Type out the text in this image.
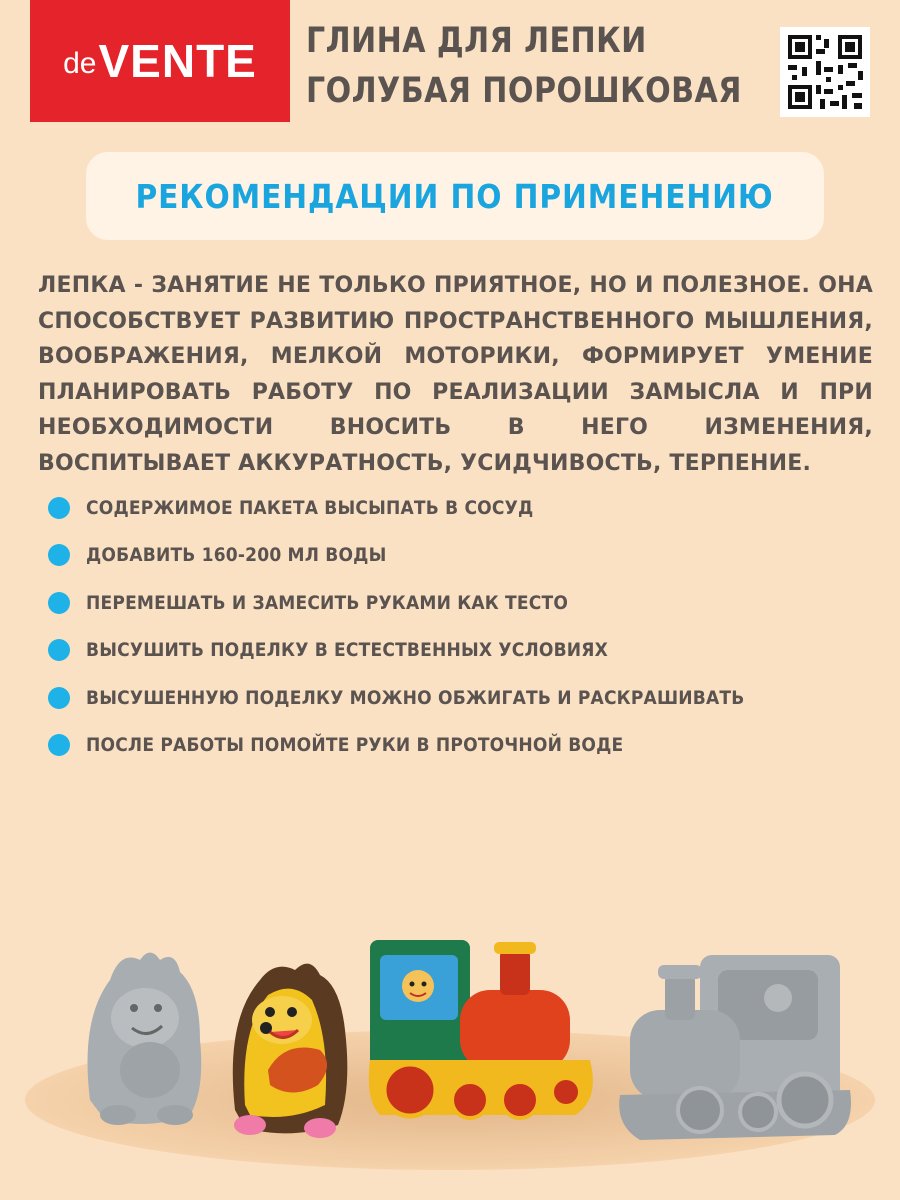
de VENTE ГЛИНА ДЛЯ ЛЕПКИ
ГОЛУБАЯ ПОРОШКОВАЯ
РЕКОМЕНДАЦИИ ПО ПРИМЕНЕНИЮ
ЛЕПКА - ЗАНЯТИЕ НЕ ТОЛЬКО ПРИЯТНОЕ, НО И ПОЛЕЗНОЕ. ОНА СПОСОБСТВУЕТ РАЗВИТИЮ ПРОСТРАНСТВЕННОГО МЫШЛЕНИЯ, ВООБРАЖЕНИЯ, МЕЛКОЙ МОТОРИКИ, ФОРМИРУЕТ УМЕНИЕ ПЛАНИРОВАТЬ РАБОТУ ПО РЕАЛИЗАЦИИ ЗАМЫСЛА И ПРИ НЕОБХОДИМОСТИ ВНОСИТЬ В НЕГО ИЗМЕНЕНИЯ, ВОСПИТЫВАЕТ АККУРАТНОСТЬ, УСИДЧИВОСТЬ, ТЕРПЕНИЕ.
СОДЕРЖИМОЕ ПАКЕТА ВЫСЫПАТЬ В СОСУД
ДОБАВИТЬ 160-200 МЛ ВОДЫ
ПЕРЕМЕШАТЬ И ЗАМЕСИТЬ РУКАМИ КАК ТЕСТО
ВЫСУШИТЬ ПОДЕЛКУ В ЕСТЕСТВЕННЫХ УСЛОВИЯХ
ВЫСУШЕННУЮ ПОДЕЛКУ МОЖНО ОБЖИГАТЬ И РАСКРАШИВАТЬ
ПОСЛЕ РАБОТЫ ПОМОЙТЕ РУКИ В ПРОТОЧНОЙ ВОДЕ
